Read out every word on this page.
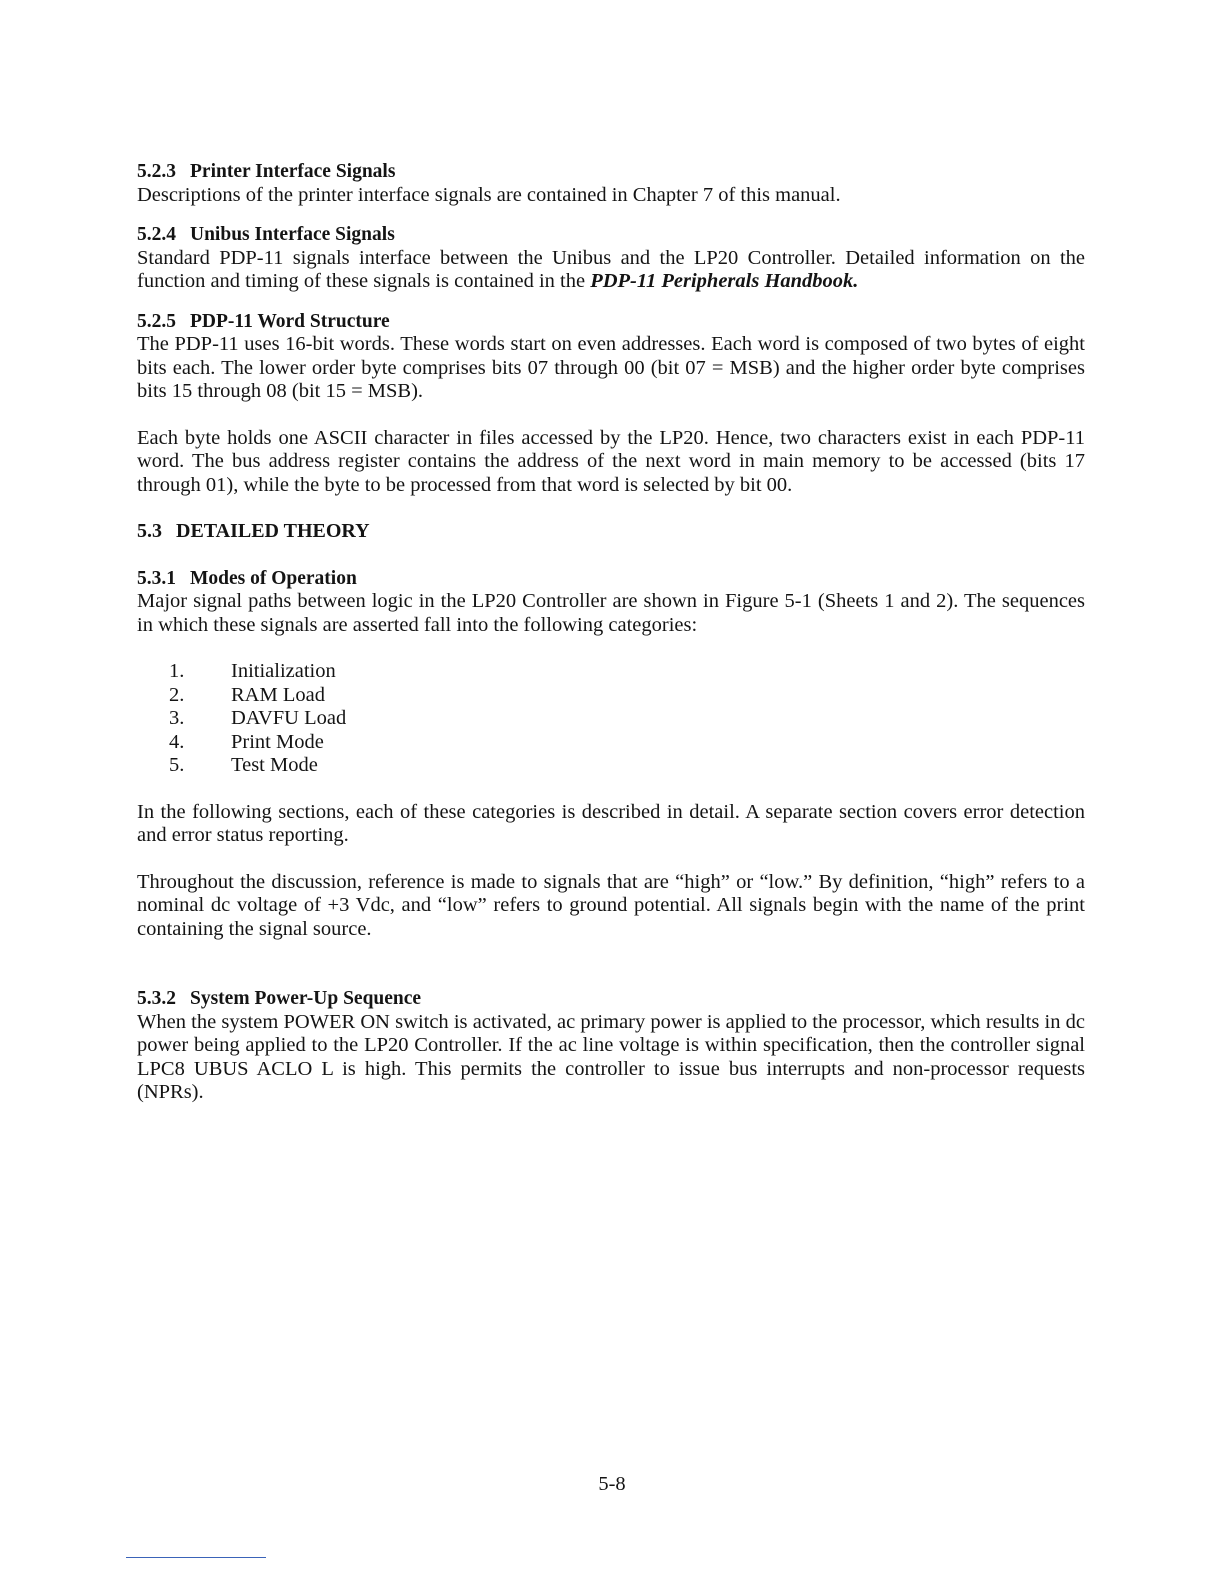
5.2.3 Printer Interface Signals

Descriptions of the printer interface signals are contained in Chapter 7 of this manual.

5.2.4 Unibus Interface Signals

Standard PDP-11 signals interface between the Unibus and the LP20 Controller. Detailed information on the function and timing of these signals is contained in the PDP-11 Peripherals Handbook.

5.2.5 PDP-11 Word Structure

The PDP-11 uses 16-bit words. These words start on even addresses. Each word is composed of two bytes of eight bits each. The lower order byte comprises bits 07 through 00 (bit 07 = MSB) and the higher order byte comprises bits 15 through 08 (bit 15 = MSB).

Each byte holds one ASCII character in files accessed by the LP20. Hence, two characters exist in each PDP-11 word. The bus address register contains the address of the next word in main memory to be accessed (bits 17 through 01), while the byte to be processed from that word is selected by bit 00.

5.3 DETAILED THEORY
5.3.1 Modes of Operation

Major signal paths between logic in the LP20 Controller are shown in Figure 5-1 (Sheets 1 and 2). The sequences in which these signals are asserted fall into the following categories:

1.	Initialization
2.	RAM Load
3.	DAVFU Load
4.	Print Mode
5.	Test Mode

In the following sections, each of these categories is described in detail. A separate section covers error detection and error status reporting.

Throughout the discussion, reference is made to signals that are “high” or “low.” By definition, “high” refers to a nominal dc voltage of +3 Vdc, and “low” refers to ground potential. All signals begin with the name of the print containing the signal source.

5.3.2 System Power-Up Sequence

When the system POWER ON switch is activated, ac primary power is applied to the processor, which results in dc power being applied to the LP20 Controller. If the ac line voltage is within specification, then the controller signal LPC8 UBUS ACLO L is high. This permits the controller to issue bus interrupts and non-processor requests (NPRs).

5-8
